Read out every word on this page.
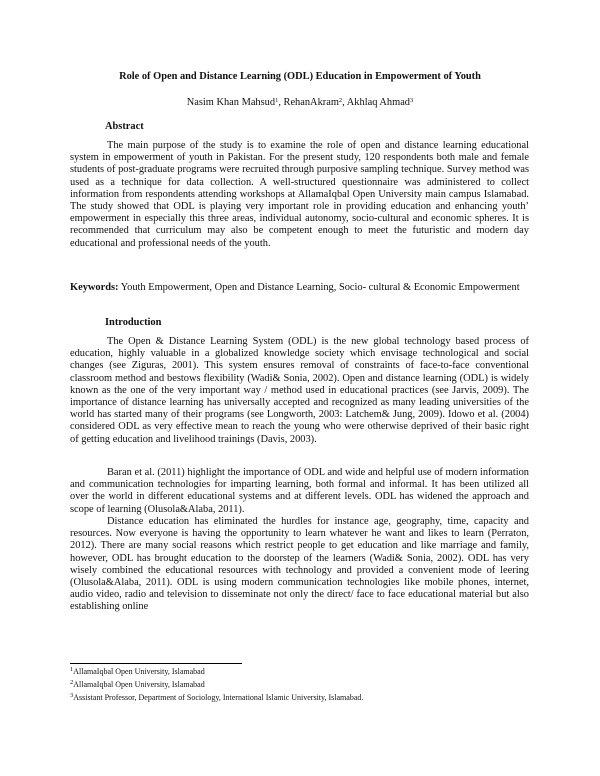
Role of Open and Distance Learning (ODL) Education in Empowerment of Youth
Nasim Khan Mahsud$^1$, RehanAkram$^2$, Akhlaq Ahmad$^3$
Abstract

The main purpose of the study is to examine the role of open and distance learning educational system in empowerment of youth in Pakistan. For the present study, 120 respondents both male and female students of post-graduate programs were recruited through purposive sampling technique. Survey method was used as a technique for data collection. A well-structured questionnaire was administered to collect information from respondents attending workshops at AllamaIqbal Open University main campus Islamabad. The study showed that ODL is playing very important role in providing education and enhancing youth’ empowerment in especially this three areas, individual autonomy, socio-cultural and economic spheres. It is recommended that curriculum may also be competent enough to meet the futuristic and modern day educational and professional needs of the youth.

Keywords: Youth Empowerment, Open and Distance Learning, Socio- cultural & Economic Empowerment

Introduction

The Open & Distance Learning System (ODL) is the new global technology based process of education, highly valuable in a globalized knowledge society which envisage technological and social changes (see Ziguras, 2001). This system ensures removal of constraints of face-to-face conventional classroom method and bestows flexibility (Wadi& Sonia, 2002). Open and distance learning (ODL) is widely known as the one of the very important way / method used in educational practices (see Jarvis, 2009). The importance of distance learning has universally accepted and recognized as many leading universities of the world has started many of their programs (see Longworth, 2003: Latchem& Jung, 2009). Idowo et al. (2004) considered ODL as very effective mean to reach the young who were otherwise deprived of their basic right of getting education and livelihood trainings (Davis, 2003).

Baran et al. (2011) highlight the importance of ODL and wide and helpful use of modern information and communication technologies for imparting learning, both formal and informal. It has been utilized all over the world in different educational systems and at different levels. ODL has widened the approach and scope of learning (Olusola&Alaba, 2011).

Distance education has eliminated the hurdles for instance age, geography, time, capacity and resources. Now everyone is having the opportunity to learn whatever he want and likes to learn (Perraton, 2012). There are many social reasons which restrict people to get education and like marriage and family, however, ODL has brought education to the doorstep of the learners (Wadi& Sonia, 2002). ODL has very wisely combined the educational resources with technology and provided a convenient mode of leering (Olusola&Alaba, 2011). ODL is using modern communication technologies like mobile phones, internet, audio video, radio and television to disseminate not only the direct/ face to face educational material but also establishing online

$^1$AllamaIqbal Open University, Islamabad
$^2$AllamaIqbal Open University, Islamabad
$^3$Assistant Professor, Department of Sociology, International Islamic University, Islamabad.
